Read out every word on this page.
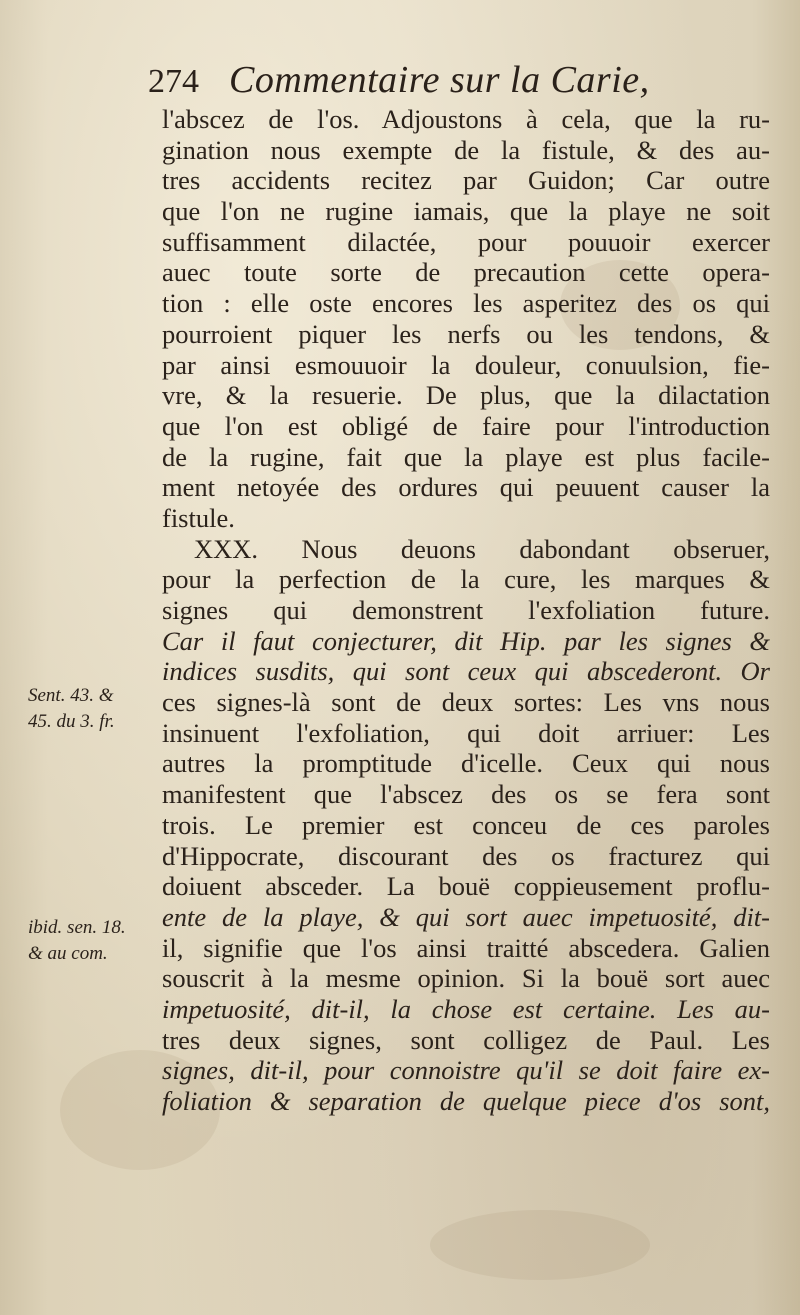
274 Commentaire sur la Carie,
l'abscez de l'os. Adjoustons à cela, que la ru-
gination nous exempte de la fistule, & des au-
tres accidents recitez par Guidon; Car outre
que l'on ne rugine iamais, que la playe ne soit
suffisamment dilactée, pour pouuoir exercer
auec toute sorte de precaution cette opera-
tion : elle oste encores les asperitez des os qui
pourroient piquer les nerfs ou les tendons, &
par ainsi esmouuoir la douleur, conuulsion, fie-
vre, & la resuerie. De plus, que la dilactation
que l'on est obligé de faire pour l'introduction
de la rugine, fait que la playe est plus facile-
ment netoyée des ordures qui peuuent causer la
fistule.
XXX. Nous deuons dabondant obseruer,
pour la perfection de la cure, les marques &
signes qui demonstrent l'exfoliation future.
Car il faut conjecturer, dit Hip. par les signes &
indices susdits, qui sont ceux qui abscederont. Or
ces signes-là sont de deux sortes: Les vns nous
insinuent l'exfoliation, qui doit arriuer: Les
autres la promptitude d'icelle. Ceux qui nous
manifestent que l'abscez des os se fera sont
trois. Le premier est conceu de ces paroles
d'Hippocrate, discourant des os fracturez qui
doiuent absceder. La bouë coppieusement proflu-
ente de la playe, & qui sort auec impetuosité, dit-
il, signifie que l'os ainsi traitté abscedera. Galien
souscrit à la mesme opinion. Si la bouë sort auec
impetuosité, dit-il, la chose est certaine. Les au-
tres deux signes, sont colligez de Paul. Les
signes, dit-il, pour connoistre qu'il se doit faire ex-
foliation & separation de quelque piece d'os sont,
Sent. 43. &
45. du 3. fr.
ibid. sen. 18.
& au com.
